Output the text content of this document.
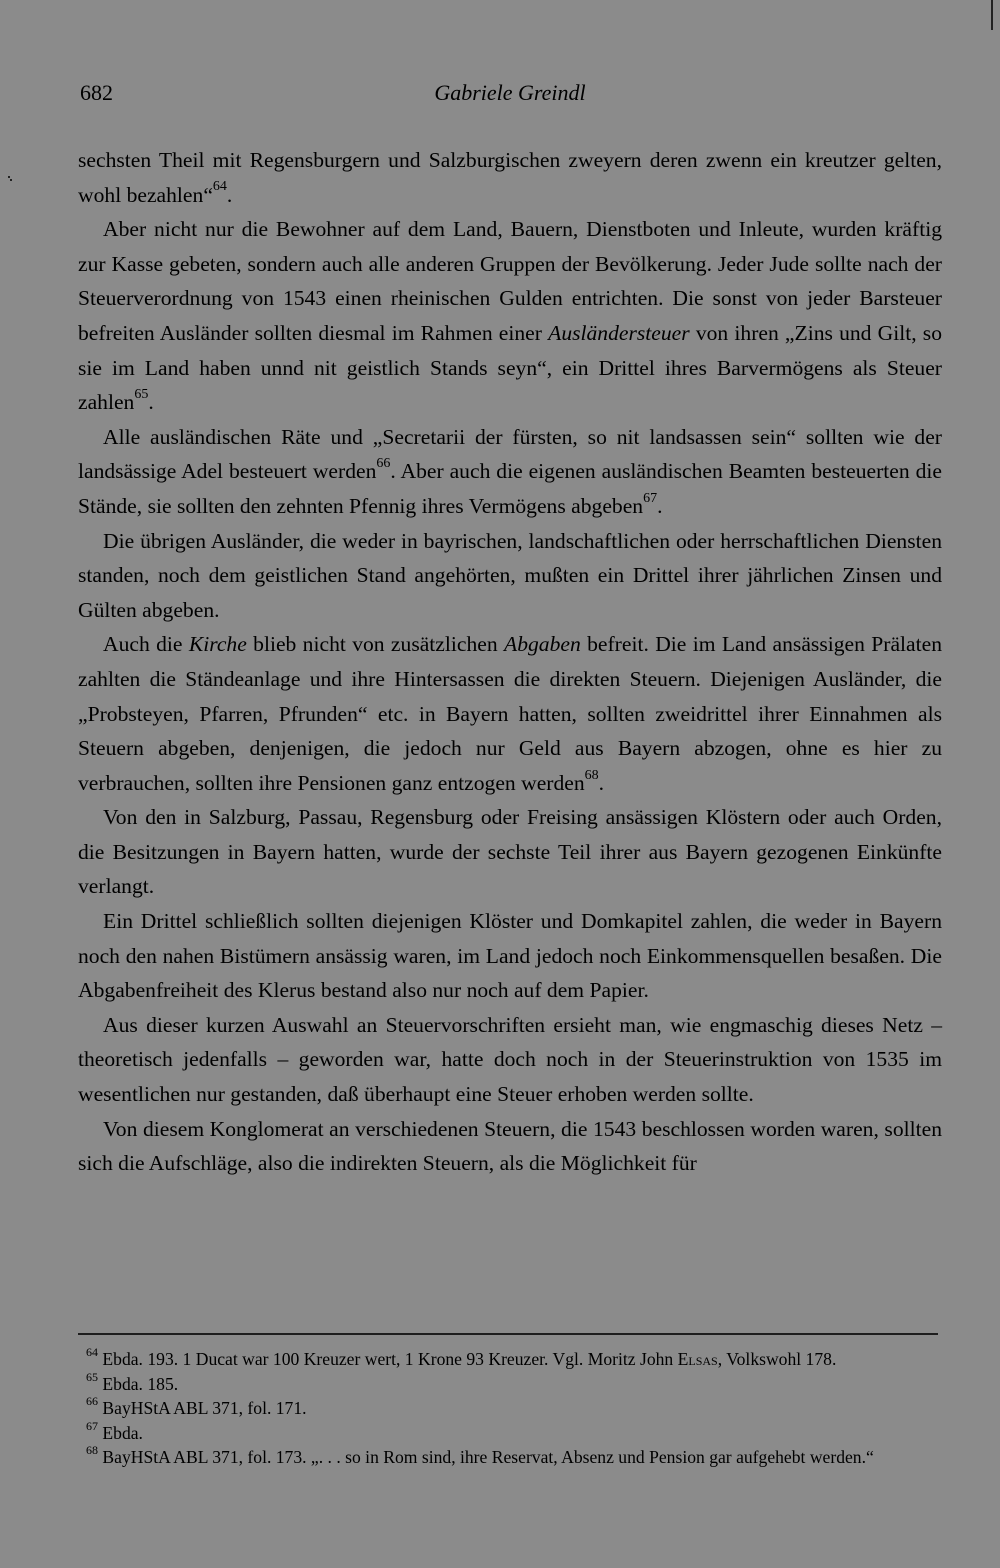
682	Gabriele Greindl

sechsten Theil mit Regensburgern und Salzburgischen zweyern deren zwenn ein kreutzer gelten, wohl bezahlen“$^{64}$.

Aber nicht nur die Bewohner auf dem Land, Bauern, Dienstboten und Inleute, wurden kräftig zur Kasse gebeten, sondern auch alle anderen Gruppen der Bevölkerung. Jeder Jude sollte nach der Steuerverordnung von 1543 einen rheinischen Gulden entrichten. Die sonst von jeder Barsteuer befreiten Ausländer sollten diesmal im Rahmen einer Ausländersteuer von ihren „Zins und Gilt, so sie im Land haben unnd nit geistlich Stands seyn“, ein Drittel ihres Barvermögens als Steuer zahlen$^{65}$.

Alle ausländischen Räte und „Secretarii der fürsten, so nit landsassen sein“ sollten wie der landsässige Adel besteuert werden$^{66}$. Aber auch die eigenen ausländischen Beamten besteuerten die Stände, sie sollten den zehnten Pfennig ihres Vermögens abgeben$^{67}$.

Die übrigen Ausländer, die weder in bayrischen, landschaftlichen oder herrschaftlichen Diensten standen, noch dem geistlichen Stand angehörten, mußten ein Drittel ihrer jährlichen Zinsen und Gülten abgeben.

Auch die Kirche blieb nicht von zusätzlichen Abgaben befreit. Die im Land ansässigen Prälaten zahlten die Ständeanlage und ihre Hintersassen die direkten Steuern. Diejenigen Ausländer, die „Probsteyen, Pfarren, Pfrunden“ etc. in Bayern hatten, sollten zweidrittel ihrer Einnahmen als Steuern abgeben, denjenigen, die jedoch nur Geld aus Bayern abzogen, ohne es hier zu verbrauchen, sollten ihre Pensionen ganz entzogen werden$^{68}$.

Von den in Salzburg, Passau, Regensburg oder Freising ansässigen Klöstern oder auch Orden, die Besitzungen in Bayern hatten, wurde der sechste Teil ihrer aus Bayern gezogenen Einkünfte verlangt.

Ein Drittel schließlich sollten diejenigen Klöster und Domkapitel zahlen, die weder in Bayern noch den nahen Bistümern ansässig waren, im Land jedoch noch Einkommensquellen besaßen. Die Abgabenfreiheit des Klerus bestand also nur noch auf dem Papier.

Aus dieser kurzen Auswahl an Steuervorschriften ersieht man, wie engmaschig dieses Netz – theoretisch jedenfalls – geworden war, hatte doch noch in der Steuerinstruktion von 1535 im wesentlichen nur gestanden, daß überhaupt eine Steuer erhoben werden sollte.

Von diesem Konglomerat an verschiedenen Steuern, die 1543 beschlossen worden waren, sollten sich die Aufschläge, also die indirekten Steuern, als die Möglichkeit für

$^{64}$ Ebda. 193. 1 Ducat war 100 Kreuzer wert, 1 Krone 93 Kreuzer. Vgl. Moritz John Elsas, Volkswohl 178.

$^{65}$ Ebda. 185.

$^{66}$ BayHStA ABL 371, fol. 171.

$^{67}$ Ebda.

$^{68}$ BayHStA ABL 371, fol. 173. „. . . so in Rom sind, ihre Reservat, Absenz und Pension gar aufgehebt werden.“
